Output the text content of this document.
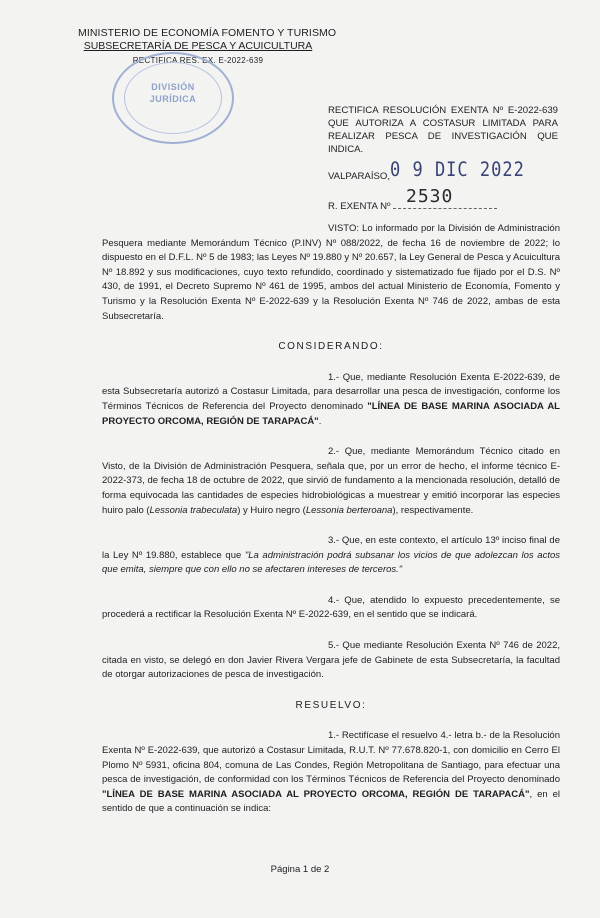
MINISTERIO DE ECONOMÍA FOMENTO Y TURISMO
SUBSECRETARÍA DE PESCA Y ACUICULTURA
RECTIFICA RES. EX. E-2022-639
DIVISIÓN
JURÍDICA
RECTIFICA RESOLUCIÓN EXENTA Nº E-2022-639
QUE AUTORIZA A COSTASUR LIMITADA PARA
REALIZAR PESCA DE INVESTIGACIÓN QUE INDICA.
VALPARAÍSO, 0 9 DIC 2022
R. EXENTA Nº 2530

VISTO: Lo informado por la División de Administración Pesquera mediante Memorándum Técnico (P.INV) Nº 088/2022, de fecha 16 de noviembre de 2022; lo dispuesto en el D.F.L. Nº 5 de 1983; las Leyes Nº 19.880 y Nº 20.657, la Ley General de Pesca y Acuicultura Nº 18.892 y sus modificaciones, cuyo texto refundido, coordinado y sistematizado fue fijado por el D.S. Nº 430, de 1991, el Decreto Supremo Nº 461 de 1995, ambos del actual Ministerio de Economía, Fomento y Turismo y la Resolución Exenta Nº E-2022-639 y la Resolución Exenta Nº 746 de 2022, ambas de esta Subsecretaría.

CONSIDERANDO:

1.- Que, mediante Resolución Exenta E-2022-639, de esta Subsecretaría autorizó a Costasur Limitada, para desarrollar una pesca de investigación, conforme los Términos Técnicos de Referencia del Proyecto denominado "LÍNEA DE BASE MARINA ASOCIADA AL PROYECTO ORCOMA, REGIÓN DE TARAPACÁ".

2.- Que, mediante Memorándum Técnico citado en Visto, de la División de Administración Pesquera, señala que, por un error de hecho, el informe técnico E-2022-373, de fecha 18 de octubre de 2022, que sirvió de fundamento a la mencionada resolución, detalló de forma equivocada las cantidades de especies hidrobiológicas a muestrear y emitió incorporar las especies huiro palo (Lessonia trabeculata) y Huiro negro (Lessonia berteroana), respectivamente.

3.- Que, en este contexto, el artículo 13º inciso final de la Ley Nº 19.880, establece que "La administración podrá subsanar los vicios de que adolezcan los actos que emita, siempre que con ello no se afectaren intereses de terceros."

4.- Que, atendido lo expuesto precedentemente, se procederá a rectificar la Resolución Exenta Nº E-2022-639, en el sentido que se indicará.

5.- Que mediante Resolución Exenta Nº 746 de 2022, citada en visto, se delegó en don Javier Rivera Vergara jefe de Gabinete de esta Subsecretaría, la facultad de otorgar autorizaciones de pesca de investigación.

RESUELVO:

1.- Rectifícase el resuelvo 4.- letra b.- de la Resolución Exenta Nº E-2022-639, que autorizó a Costasur Limitada, R.U.T. Nº 77.678.820-1, con domicilio en Cerro El Plomo Nº 5931, oficina 804, comuna de Las Condes, Región Metropolitana de Santiago, para efectuar una pesca de investigación, de conformidad con los Términos Técnicos de Referencia del Proyecto denominado "LÍNEA DE BASE MARINA ASOCIADA AL PROYECTO ORCOMA, REGIÓN DE TARAPACÁ", en el sentido de que a continuación se indica:

Página 1 de 2
